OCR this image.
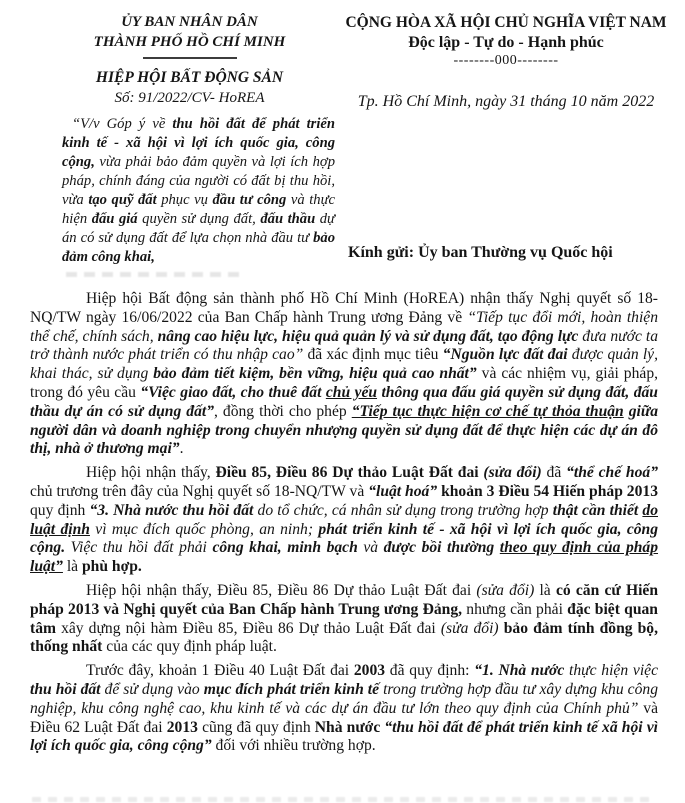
ỦY BAN NHÂN DÂN
THÀNH PHỐ HỒ CHÍ MINH
HIỆP HỘI BẤT ĐỘNG SẢN
Số: 91/2022/CV- HoREA
“V/v Góp ý về thu hồi đất để phát triển kinh tế - xã hội vì lợi ích quốc gia, công cộng, vừa phải bảo đảm quyền và lợi ích hợp pháp, chính đáng của người có đất bị thu hồi, vừa tạo quỹ đất phục vụ đầu tư công và thực hiện đấu giá quyền sử dụng đất, đấu thầu dự án có sử dụng đất để lựa chọn nhà đầu tư bảo đảm công khai,
CỘNG HÒA XÃ HỘI CHỦ NGHĨA VIỆT NAM
Độc lập - Tự do - Hạnh phúc
--------000--------
Tp. Hồ Chí Minh, ngày 31 tháng 10 năm 2022
Kính gửi: Ủy ban Thường vụ Quốc hội

Hiệp hội Bất động sản thành phố Hồ Chí Minh (HoREA) nhận thấy Nghị quyết số 18-NQ/TW ngày 16/06/2022 của Ban Chấp hành Trung ương Đảng về “Tiếp tục đổi mới, hoàn thiện thể chế, chính sách, nâng cao hiệu lực, hiệu quả quản lý và sử dụng đất, tạo động lực đưa nước ta trở thành nước phát triển có thu nhập cao” đã xác định mục tiêu “Nguồn lực đất đai được quản lý, khai thác, sử dụng bảo đảm tiết kiệm, bền vững, hiệu quả cao nhất” và các nhiệm vụ, giải pháp, trong đó yêu cầu “Việc giao đất, cho thuê đất chủ yếu thông qua đấu giá quyền sử dụng đất, đấu thầu dự án có sử dụng đất”, đồng thời cho phép “Tiếp tục thực hiện cơ chế tự thỏa thuận giữa người dân và doanh nghiệp trong chuyển nhượng quyền sử dụng đất để thực hiện các dự án đô thị, nhà ở thương mại”.

Hiệp hội nhận thấy, Điều 85, Điều 86 Dự thảo Luật Đất đai (sửa đổi) đã “thể chế hoá” chủ trương trên đây của Nghị quyết số 18-NQ/TW và “luật hoá” khoản 3 Điều 54 Hiến pháp 2013 quy định “3. Nhà nước thu hồi đất do tổ chức, cá nhân sử dụng trong trường hợp thật cần thiết do luật định vì mục đích quốc phòng, an ninh; phát triển kinh tế - xã hội vì lợi ích quốc gia, công cộng. Việc thu hồi đất phải công khai, minh bạch và được bồi thường theo quy định của pháp luật” là phù hợp.

Hiệp hội nhận thấy, Điều 85, Điều 86 Dự thảo Luật Đất đai (sửa đổi) là có căn cứ Hiến pháp 2013 và Nghị quyết của Ban Chấp hành Trung ương Đảng, nhưng cần phải đặc biệt quan tâm xây dựng nội hàm Điều 85, Điều 86 Dự thảo Luật Đất đai (sửa đổi) bảo đảm tính đồng bộ, thống nhất của các quy định pháp luật.

Trước đây, khoản 1 Điều 40 Luật Đất đai 2003 đã quy định: “1. Nhà nước thực hiện việc thu hồi đất để sử dụng vào mục đích phát triển kinh tế trong trường hợp đầu tư xây dựng khu công nghiệp, khu công nghệ cao, khu kinh tế và các dự án đầu tư lớn theo quy định của Chính phủ” và Điều 62 Luật Đất đai 2013 cũng đã quy định Nhà nước “thu hồi đất để phát triển kinh tế xã hội vì lợi ích quốc gia, công cộng” đối với nhiều trường hợp.
